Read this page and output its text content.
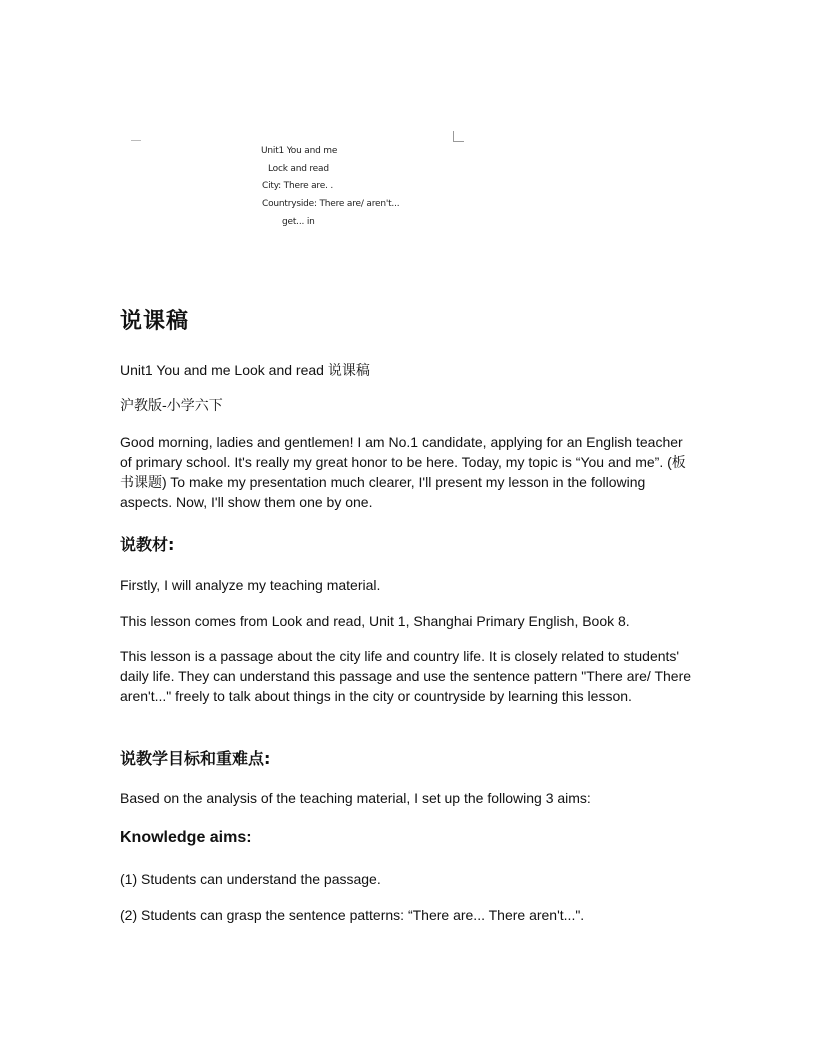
Unit1 You and me
Lock and read
City: There are. .
Countryside: There are/ aren't...
get... in
说课稿
Unit1 You and me Look and read 说课稿
沪教版-小学六下
Good morning, ladies and gentlemen! I am No.1 candidate, applying for an English teacher of primary school. It's really my great honor to be here. Today, my topic is “You and me”. (板书课题) To make my presentation much clearer, I'll present my lesson in the following aspects. Now, I'll show them one by one.
说教材:
Firstly, I will analyze my teaching material.
This lesson comes from Look and read, Unit 1, Shanghai Primary English, Book 8.
This lesson is a passage about the city life and country life. It is closely related to students' daily life. They can understand this passage and use the sentence pattern "There are/ There aren't..." freely to talk about things in the city or countryside by learning this lesson.
说教学目标和重难点:
Based on the analysis of the teaching material, I set up the following 3 aims:
Knowledge aims:
(1) Students can understand the passage.
(2) Students can grasp the sentence patterns: “There are... There aren't...".
